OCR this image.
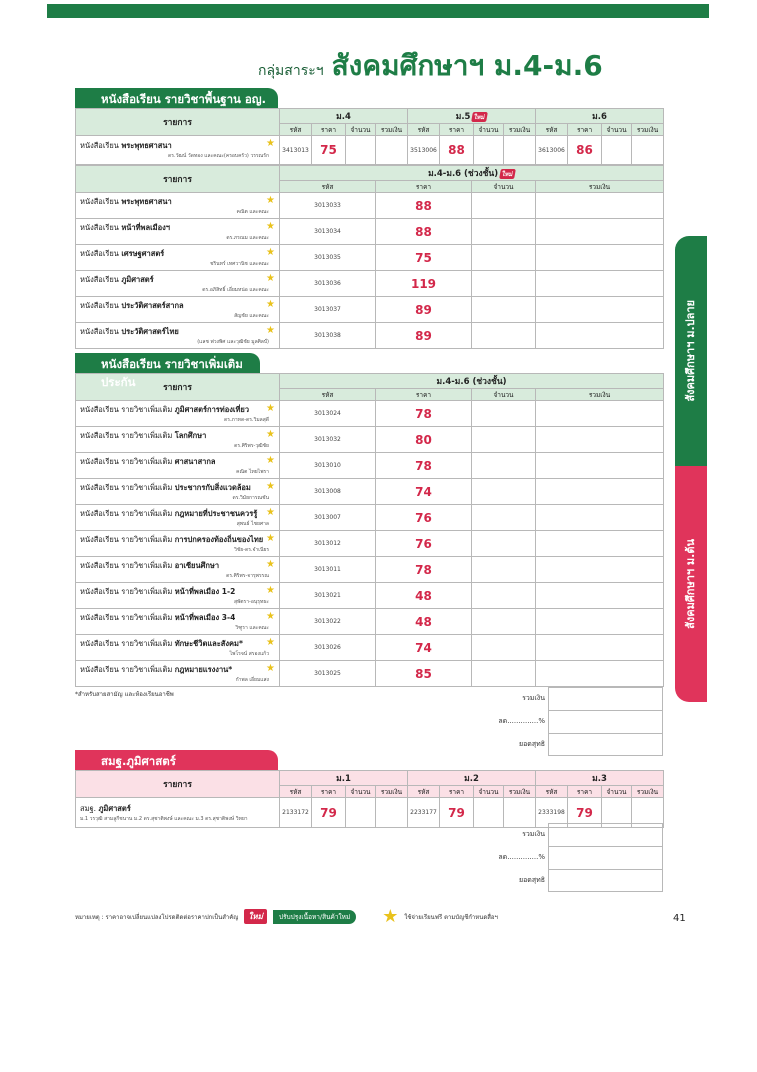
กลุ่มสาระฯ สังคมศึกษาฯ ม.4-ม.6
หนังสือเรียน รายวิชาพื้นฐาน อญ.
รายการ	ม.4				ม.5 ใหม่				ม.6			
	รหัส	ราคา	จำนวน	รวมเงิน	รหัส	ราคา	จำนวน	รวมเงิน	รหัส	ราคา	จำนวน	รวมเงิน

หนังสือเรียน พระพุทธศาสนา
ดร.วัฒน์ วัดทอง และคณะ(ครอบครัว) วรรณรัก
★	3413013	75			3513006	88			3613006	86		
รายการ	ม.4-ม.6 (ช่วงชั้น) ใหม่			
	รหัส	ราคา	จำนวน	รวมเงิน

หนังสือเรียน พระพุทธศาสนา
คณิต และคณะ
★	3013033	88		

หนังสือเรียน หน้าที่พลเมืองฯ
ดร.ภรณม และคณะ
★	3013034	88		

หนังสือเรียน เศรษฐศาสตร์
ชรินทร์ เทศวานิช และคณะ
★	3013035	75		

หนังสือเรียน ภูมิศาสตร์
ดร.อภิสิทธิ์ เอี่ยมหน่อ และคณะ
★	3013036	119		

หนังสือเรียน ประวัติศาสตร์สากล
สัญชัย และคณะ
★	3013037	89		

หนังสือเรียน ประวัติศาสตร์ไทย
(แลช พ่วงพิศ และวุฒิชัย มูลศิลป์)
★	3013038	89		
หนังสือเรียน รายวิชาเพิ่มเติม ประกัน	รายการ	ม.4-ม.6 (ช่วงชั้น)			
	รหัส	ราคา	จำนวน	รวมเงิน

หนังสือเรียน รายวิชาเพิ่มเติม ภูมิศาสตร์การท่องเที่ยว
ดร.ภาทด-ดร.วิมลสุดี
★	3013024	78		

หนังสือเรียน รายวิชาเพิ่มเติม โลกศึกษา
ดร.ศิริพร-วุฒิชัย
★	3013032	80		

หนังสือเรียน รายวิชาเพิ่มเติม ศาสนาสากล
คณิต ไทยไพรา
★	3013010	78		

หนังสือเรียน รายวิชาเพิ่มเติม ประชากรกับสิ่งแวดล้อม
ดร.วิมัยการณชัน
★	3013008	74		

หนังสือเรียน รายวิชาเพิ่มเติม กฎหมายที่ประชาชนควรรู้
สุพนธ์ ไชยศาล
★	3013007	76		

หนังสือเรียน รายวิชาเพิ่มเติม การปกครองท้องถิ่นของไทย
วิชัย-ดร.จำเนียร
★	3013012	76		

หนังสือเรียน รายวิชาเพิ่มเติม อาเซียนศึกษา
ดร.ศิริพร-จารุพรรณ
★	3013011	78		

หนังสือเรียน รายวิชาเพิ่มเติม หน้าที่พลเมือง 1-2
สุพัตรา-อนุรุทธะ
★	3013021	48		

หนังสือเรียน รายวิชาเพิ่มเติม หน้าที่พลเมือง 3-4
วิฑูรา และคณะ
★	3013022	48		

หนังสือเรียน รายวิชาเพิ่มเติม ทักษะชีวิตและสังคม*
ไพโรจน์ สรองแก้ว
★	3013026	74		

หนังสือเรียน รายวิชาเพิ่มเติม กฎหมายแรงงาน*
กำพล เอี่ยมแสง
★	3013025	85		
*สำหรับสายสามัญ และห้องเรียนอาชีพ	รวมเงิน
ลด..............%
ยอดสุทธิ
สมฐ.ภูมิศาสตร์
รายการ	ม.1				ม.2				ม.3			
	รหัส	ราคา	จำนวน	รวมเงิน	รหัส	ราคา	จำนวน	รวมเงิน	รหัส	ราคา	จำนวน	รวมเงิน

สมฐ. ภูมิศาสตร์
ม.1 วรวุฒิ สามลูกีชนาน ม.2 ดร.สุชาติพงษ์ และคณะ ม.3 ดร.สุชาติพงษ์ วิทยา	2133172	79			2233177	79			2333198	79		
รวมเงิน
ลด..............%
ยอดสุทธิ
สังคมศึกษาฯ ม.ปลาย
สังคมศึกษาฯ ม.ต้น
หมายเหตุ : ราคาอาจเปลี่ยนแปลงโปรดติดต่อราคาปกเป็นสำคัญ	ใหม่	ปรับปรุงเนื้อหา/สินค้าใหม่	★ ใช้จ่ายเรียนฟรี ตามบัญชีกำหนดสื่อฯ	41
